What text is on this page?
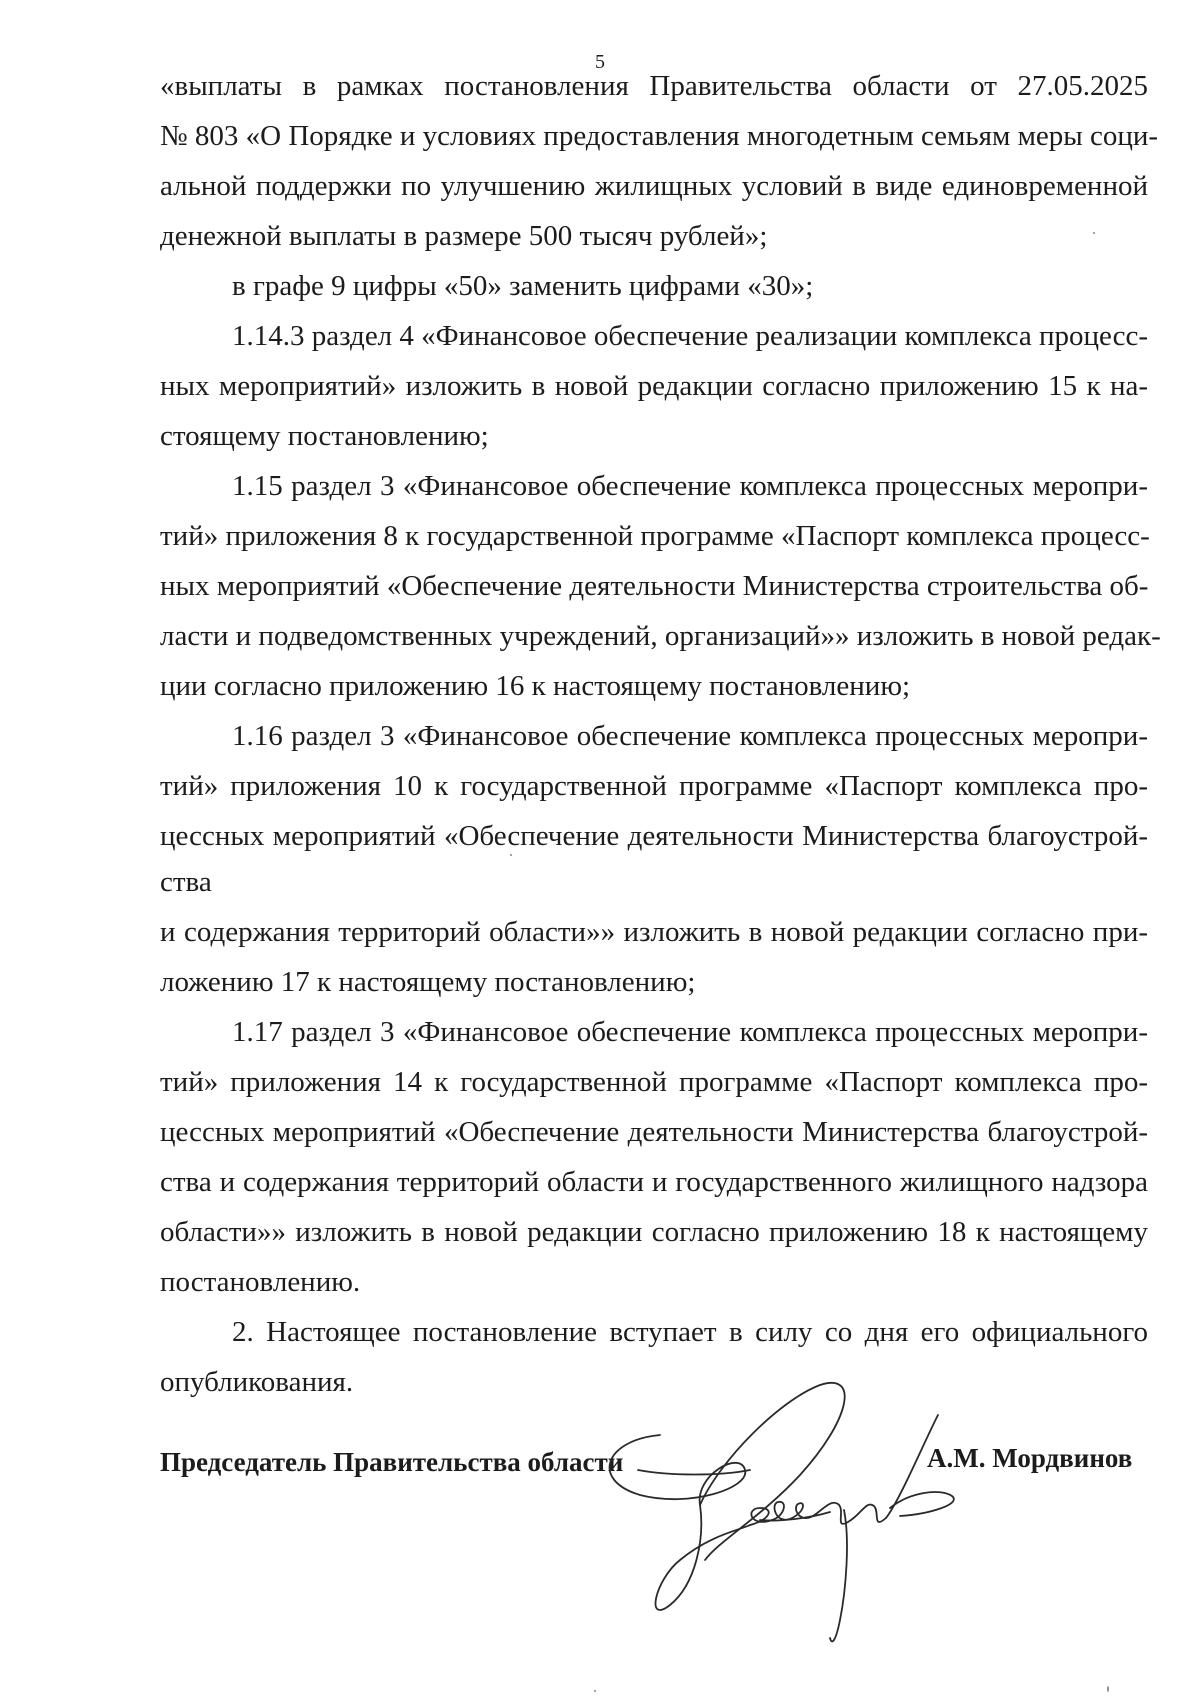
5
«выплаты в рамках постановления Правительства области от 27.05.2025
№ 803 «О Порядке и условиях предоставления многодетным семьям меры соци-
альной поддержки по улучшению жилищных условий в виде единовременной
денежной выплаты в размере 500 тысяч рублей»;
в графе 9 цифры «50» заменить цифрами «30»;
1.14.3 раздел 4 «Финансовое обеспечение реализации комплекса процесс-
ных мероприятий» изложить в новой редакции согласно приложению 15 к на-
стоящему постановлению;
1.15 раздел 3 «Финансовое обеспечение комплекса процессных меропри-
тий» приложения 8 к государственной программе «Паспорт комплекса процесс-
ных мероприятий «Обеспечение деятельности Министерства строительства об-
ласти и подведомственных учреждений, организаций»» изложить в новой редак-
ции согласно приложению 16 к настоящему постановлению;
1.16 раздел 3 «Финансовое обеспечение комплекса процессных меропри-
тий» приложения 10 к государственной программе «Паспорт комплекса про-
цессных мероприятий «Обеспечение деятельности Министерства благоустрой-
ства
и содержания территорий области»» изложить в новой редакции согласно при-
ложению 17 к настоящему постановлению;
1.17 раздел 3 «Финансовое обеспечение комплекса процессных меропри-
тий» приложения 14 к государственной программе «Паспорт комплекса про-
цессных мероприятий «Обеспечение деятельности Министерства благоустрой-
ства и содержания территорий области и государственного жилищного надзора
области»» изложить в новой редакции согласно приложению 18 к настоящему
постановлению.
2. Настоящее постановление вступает в силу со дня его официального
опубликования.
Председатель Правительства области	А.М. Мордвинов
